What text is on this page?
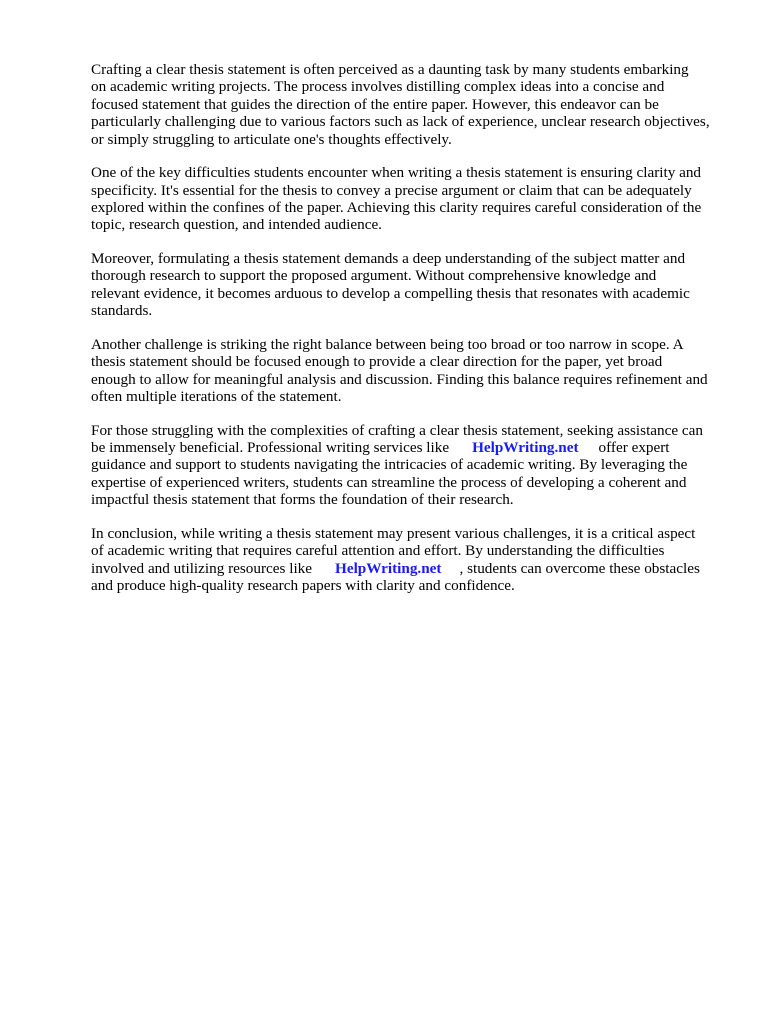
Crafting a clear thesis statement is often perceived as a daunting task by many students embarking
on academic writing projects. The process involves distilling complex ideas into a concise and
focused statement that guides the direction of the entire paper. However, this endeavor can be
particularly challenging due to various factors such as lack of experience, unclear research objectives,
or simply struggling to articulate one's thoughts effectively.

One of the key difficulties students encounter when writing a thesis statement is ensuring clarity and
specificity. It's essential for the thesis to convey a precise argument or claim that can be adequately
explored within the confines of the paper. Achieving this clarity requires careful consideration of the
topic, research question, and intended audience.

Moreover, formulating a thesis statement demands a deep understanding of the subject matter and
thorough research to support the proposed argument. Without comprehensive knowledge and
relevant evidence, it becomes arduous to develop a compelling thesis that resonates with academic
standards.

Another challenge is striking the right balance between being too broad or too narrow in scope. A
thesis statement should be focused enough to provide a clear direction for the paper, yet broad
enough to allow for meaningful analysis and discussion. Finding this balance requires refinement and
often multiple iterations of the statement.

For those struggling with the complexities of crafting a clear thesis statement, seeking assistance can
be immensely beneficial. Professional writing services like HelpWriting.net offer expert
guidance and support to students navigating the intricacies of academic writing. By leveraging the
expertise of experienced writers, students can streamline the process of developing a coherent and
impactful thesis statement that forms the foundation of their research.

In conclusion, while writing a thesis statement may present various challenges, it is a critical aspect
of academic writing that requires careful attention and effort. By understanding the difficulties
involved and utilizing resources like HelpWriting.net , students can overcome these obstacles
and produce high-quality research papers with clarity and confidence.
